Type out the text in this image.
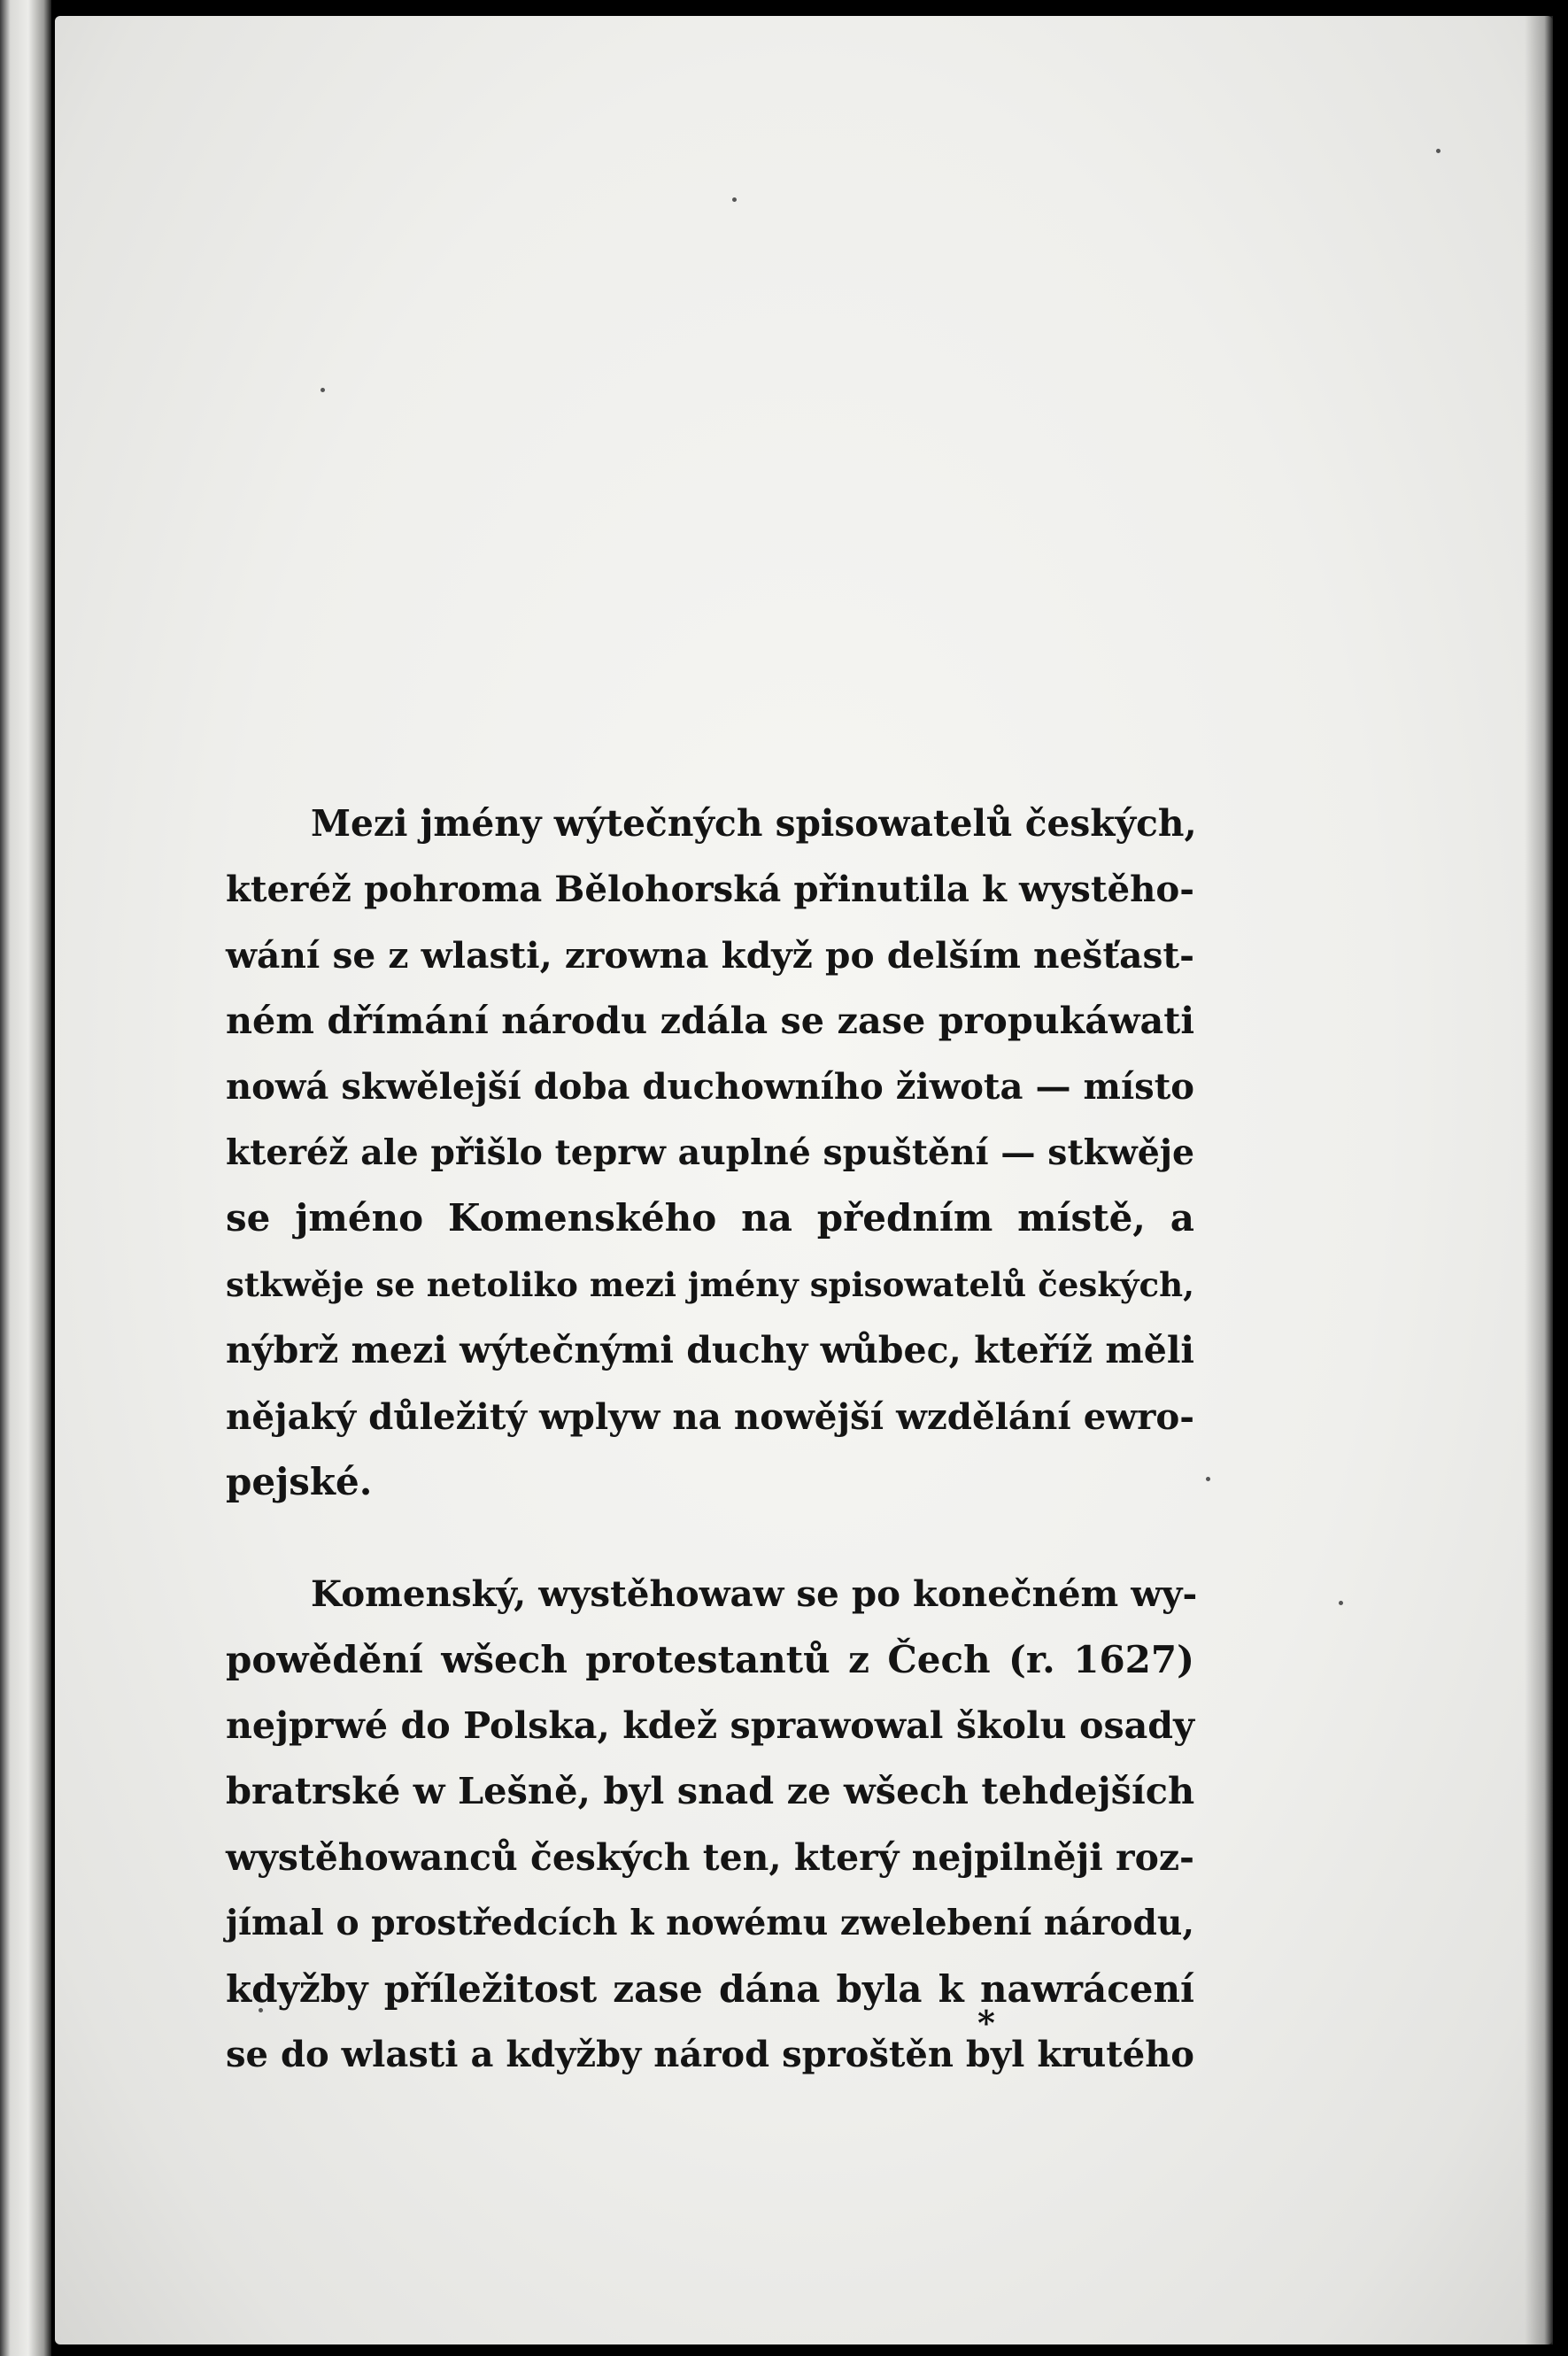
Mezi jmény wýtečných spisowatelů českých,
kteréž pohroma Bělohorská přinutila k wystěho-
wání se z wlasti, zrowna když po delším nešťast-
ném dřímání národu zdála se zase propukáwati
nowá skwělejší doba duchowního žiwota — místo
kteréž ale přišlo teprw auplné spuštění — stkwěje
se jméno Komenského na předním místě, a
stkwěje se netoliko mezi jmény spisowatelů českých,
nýbrž mezi wýtečnými duchy wůbec, kteříž měli
nějaký důležitý wplyw na nowější wzdělání ewro-
pejské.
Komenský, wystěhowaw se po konečném wy-
powědění wšech protestantů z Čech (r. 1627)
nejprwé do Polska, kdež sprawowal školu osady
bratrské w Lešně, byl snad ze wšech tehdejších
wystěhowanců českých ten, který nejpilněji roz-
jímal o prostředcích k nowému zwelebení národu,
kdyžby příležitost zase dána byla k nawrácení
se do wlasti a kdyžby národ sproštěn byl krutého
*
